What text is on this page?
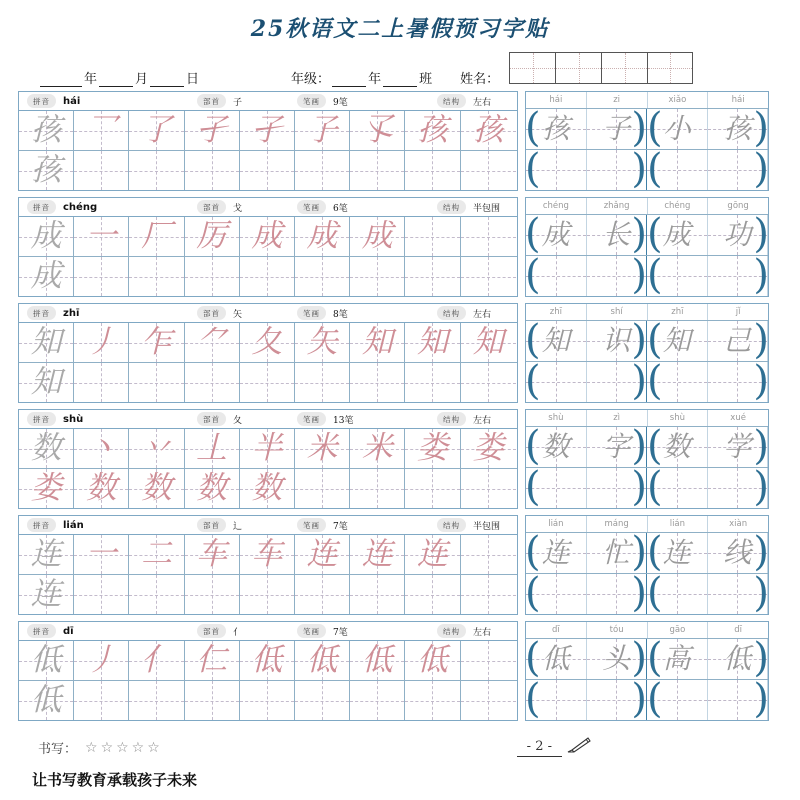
25秋语文二上暑假预习字贴
年	月	日	年级：	年	班 姓名：
拼音	hái	部首	子	笔画	9笔	结构	左右
孩 乛 了 孑 孑 孒 孓 孩 孩
孩
hái	zi	xiǎo	hái
孩 子 小 孩
( )( )
( )( )
拼音	chéng	部首	戈	笔画	6笔	结构	半包围
成 一 厂 厉 成 成 成
成
chéng	zhǎng	chéng	gōng
成 长 成 功
( )( )
( )( )
拼音	zhī	部首	矢	笔画	8笔	结构	左右
知 丿 乍 ⺈ 夂 矢 知 知 知
知
zhī	shí	zhī	jǐ
知 识 知 己
( )( )
( )( )
拼音	shù	部首	夂	笔画	13笔	结构	左右
数 丶 丷 丄 半 米 米 娄 娄
娄 数 数 数 数
shù	zì	shù	xué
数 字 数 学
( )( )
( )( )
拼音	lián	部首	辶	笔画	7笔	结构	半包围
连 一 二 车 车 连 连 连
连
lián	máng	lián	xiàn
连 忙 连 线
( )( )
( )( )
拼音	dī	部首	亻	笔画	7笔	结构	左右
低 丿 亻 仁 低 低 低 低
低
dī	tóu	gāo	dī
低 头 高 低
( )( )
( )( )
书写： ☆☆☆☆☆	- 2 -
让书写教育承载孩子未来
